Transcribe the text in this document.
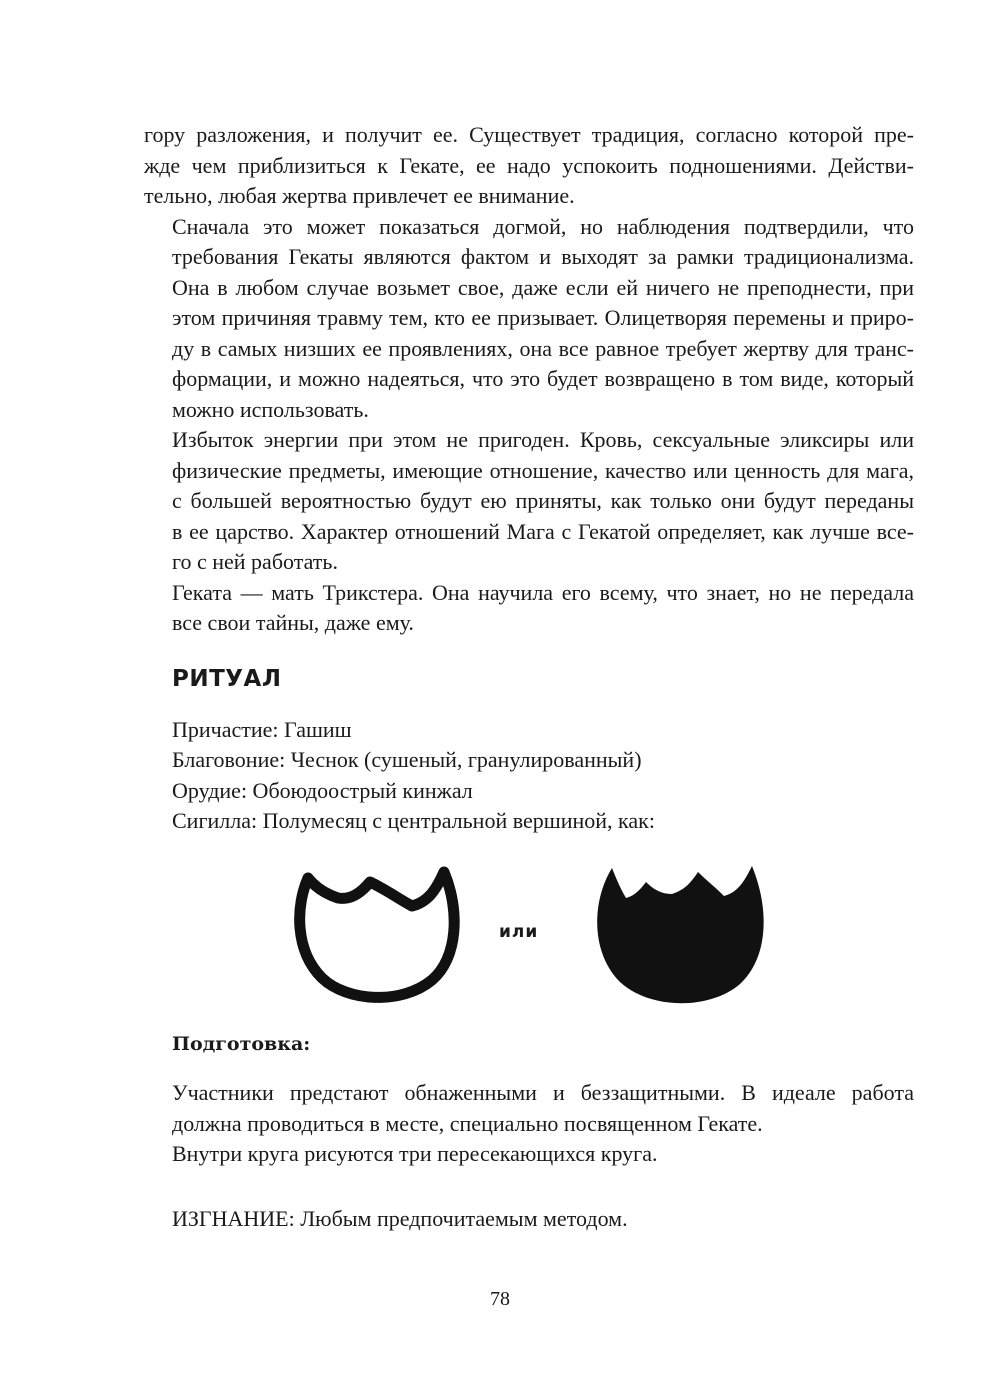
гору разложения, и получит ее. Существует традиция, согласно которой пре-
жде чем приблизиться к Гекате, ее надо успокоить подношениями. Действи-
тельно, любая жертва привлечет ее внимание.

Сначала это может показаться догмой, но наблюдения подтвердили, что
требования Гекаты являются фактом и выходят за рамки традиционализма.
Она в любом случае возьмет свое, даже если ей ничего не преподнести, при
этом причиняя травму тем, кто ее призывает. Олицетворяя перемены и приро-
ду в самых низших ее проявлениях, она все равное требует жертву для транс-
формации, и можно надеяться, что это будет возвращено в том виде, который
можно использовать.

Избыток энергии при этом не пригоден. Кровь, сексуальные эликсиры или
физические предметы, имеющие отношение, качество или ценность для мага,
с большей вероятностью будут ею приняты, как только они будут переданы
в ее царство. Характер отношений Мага с Гекатой определяет, как лучше все-
го с ней работать.

Геката — мать Трикстера. Она научила его всему, что знает, но не передала
все свои тайны, даже ему.

РИТУАЛ
Причастие: Гашиш
Благовоние: Чеснок (сушеный, гранулированный)
Орудие: Обоюдоострый кинжал
Сигилла: Полумесяц с центральной вершиной, как:
или
Подготовка:

Участники предстают обнаженными и беззащитными. В идеале работа
должна проводиться в месте, специально посвященном Гекате.

Внутри круга рисуются три пересекающихся круга.

ИЗГНАНИЕ: Любым предпочитаемым методом.
78
